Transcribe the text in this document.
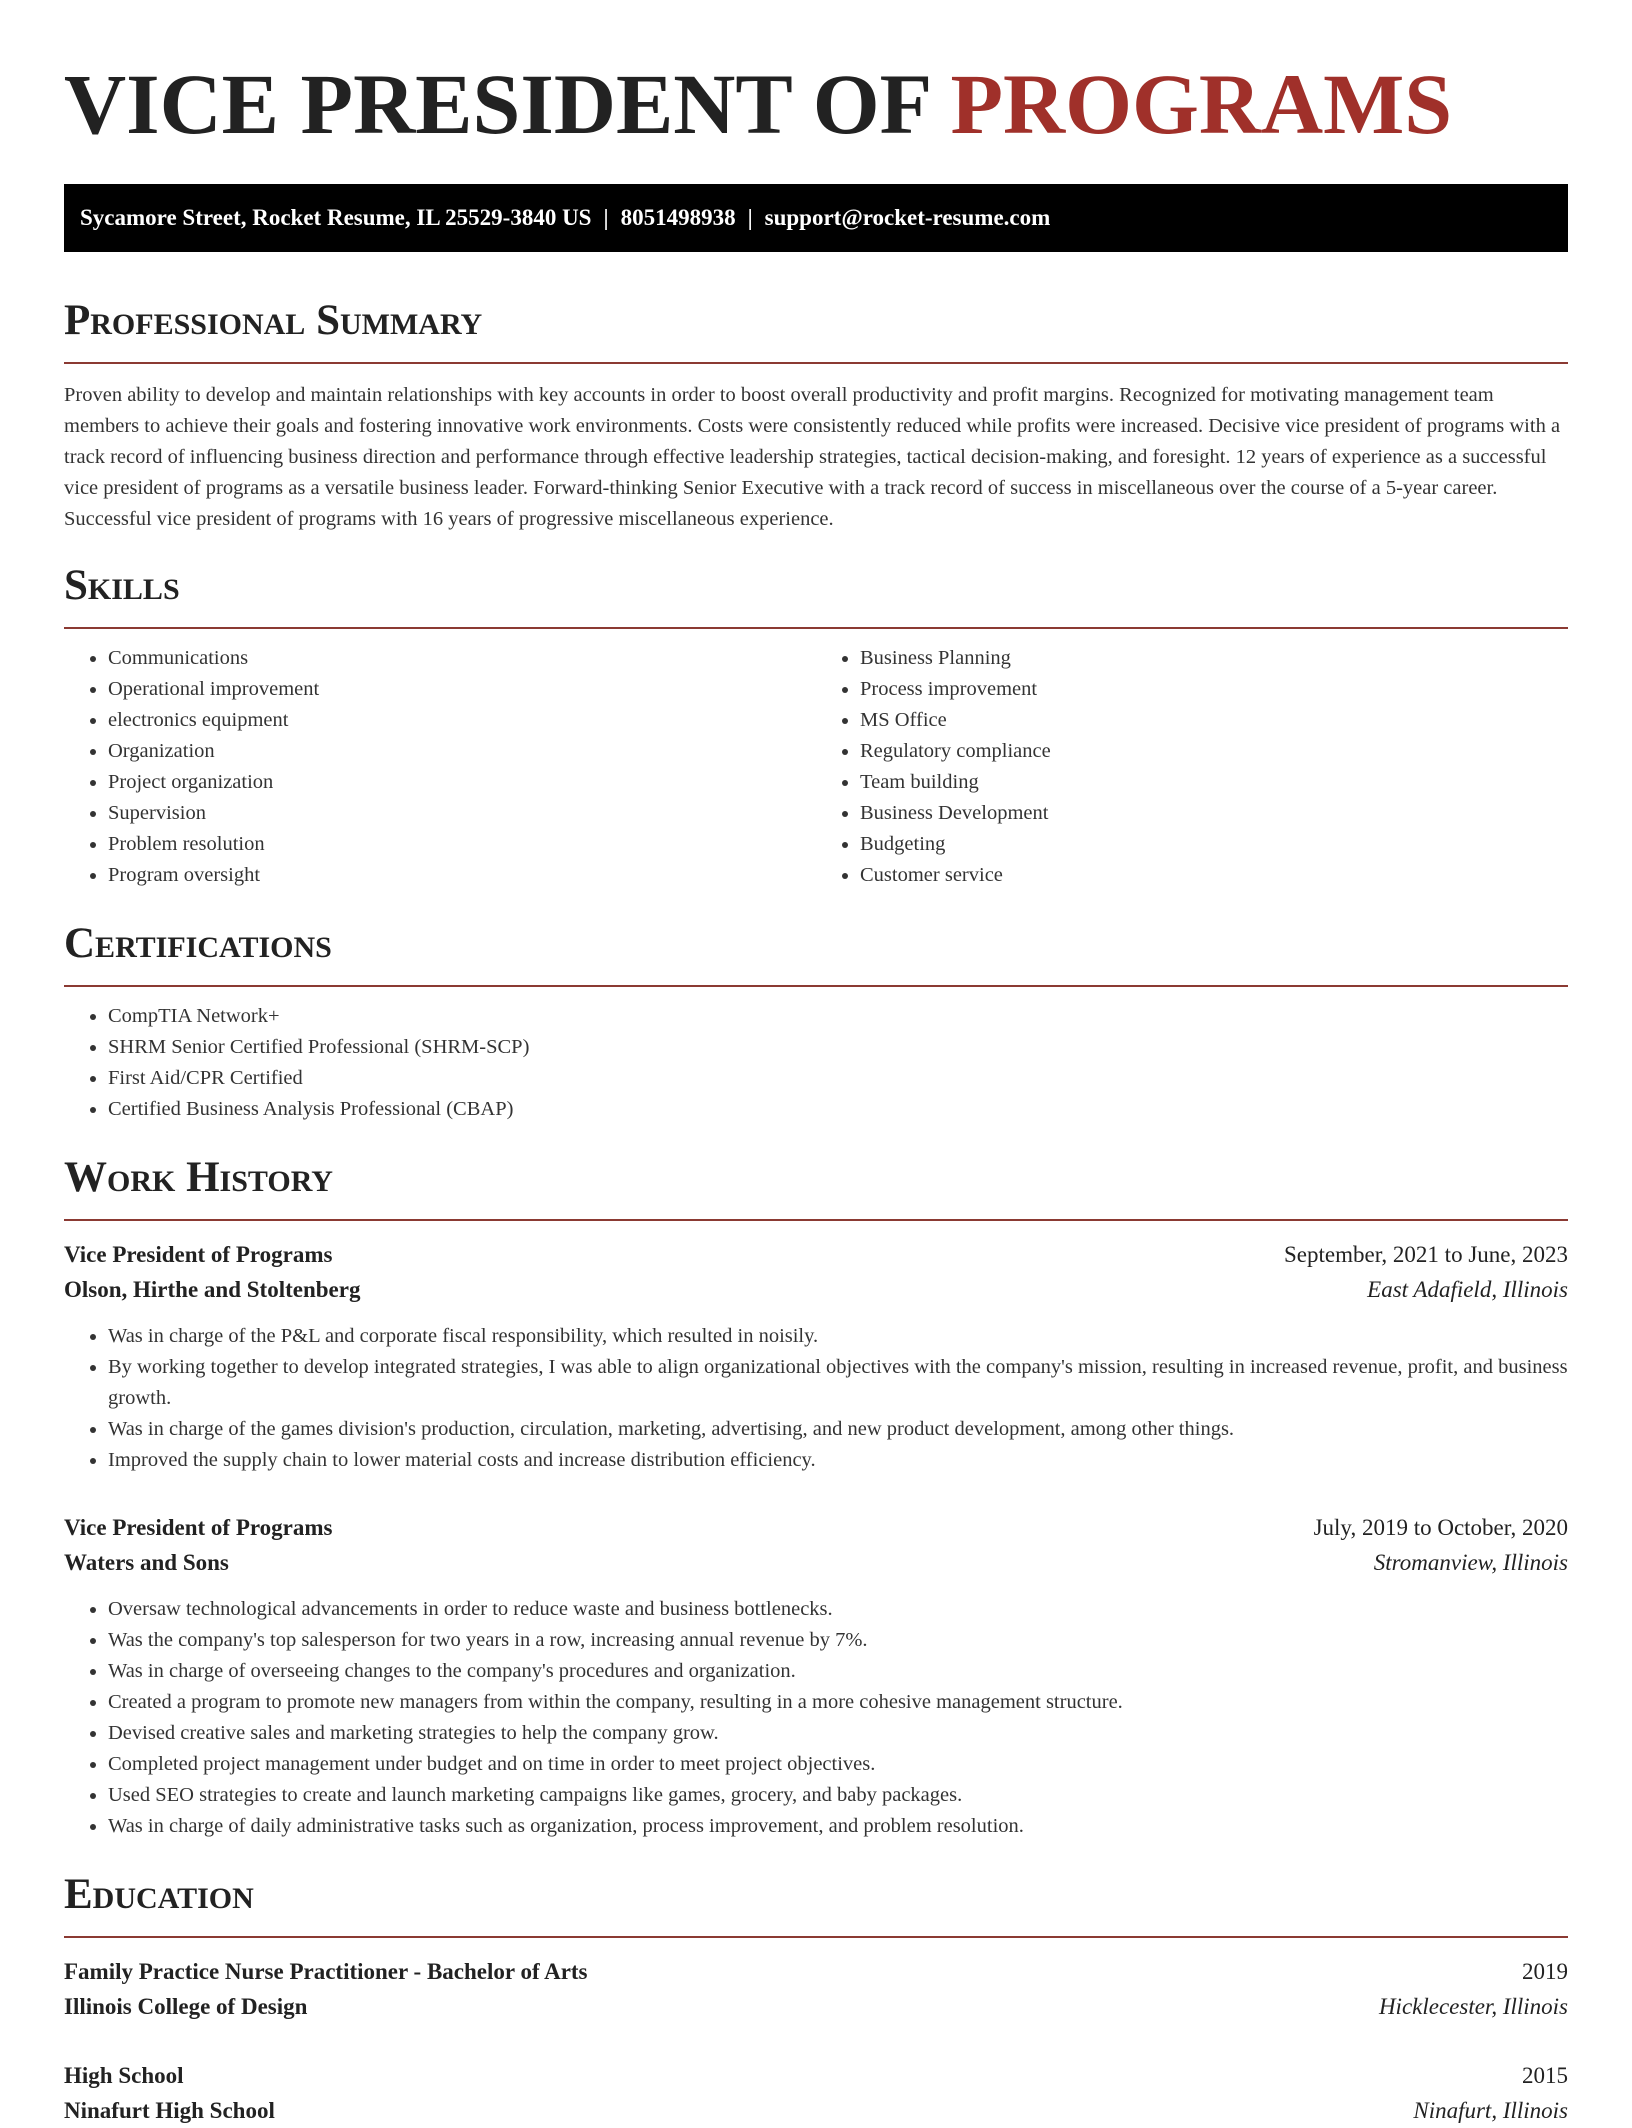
VICE PRESIDENT OF PROGRAMS
Sycamore Street, Rocket Resume, IL 25529-3840 US | 8051498938 | support@rocket-resume.com
Professional Summary

Proven ability to develop and maintain relationships with key accounts in order to boost overall productivity and profit margins. Recognized for motivating management team members to achieve their goals and fostering innovative work environments. Costs were consistently reduced while profits were increased. Decisive vice president of programs with a track record of influencing business direction and performance through effective leadership strategies, tactical decision-making, and foresight. 12 years of experience as a successful vice president of programs as a versatile business leader. Forward-thinking Senior Executive with a track record of success in miscellaneous over the course of a 5-year career. Successful vice president of programs with 16 years of progressive miscellaneous experience.

Skills
• Communications
• Operational improvement
• electronics equipment
• Organization
• Project organization
• Supervision
• Problem resolution
• Program oversight
• Business Planning
• Process improvement
• MS Office
• Regulatory compliance
• Team building
• Business Development
• Budgeting
• Customer service
Certifications
• CompTIA Network+
• SHRM Senior Certified Professional (SHRM-SCP)
• First Aid/CPR Certified
• Certified Business Analysis Professional (CBAP)
Work History
Vice President of Programs	September, 2021 to June, 2023
Olson, Hirthe and Stoltenberg	East Adafield, Illinois
• Was in charge of the P&L and corporate fiscal responsibility, which resulted in noisily.
• By working together to develop integrated strategies, I was able to align organizational objectives with the company's mission, resulting in increased revenue, profit, and business growth.
• Was in charge of the games division's production, circulation, marketing, advertising, and new product development, among other things.
• Improved the supply chain to lower material costs and increase distribution efficiency.
Vice President of Programs	July, 2019 to October, 2020
Waters and Sons	Stromanview, Illinois
• Oversaw technological advancements in order to reduce waste and business bottlenecks.
• Was the company's top salesperson for two years in a row, increasing annual revenue by 7%.
• Was in charge of overseeing changes to the company's procedures and organization.
• Created a program to promote new managers from within the company, resulting in a more cohesive management structure.
• Devised creative sales and marketing strategies to help the company grow.
• Completed project management under budget and on time in order to meet project objectives.
• Used SEO strategies to create and launch marketing campaigns like games, grocery, and baby packages.
• Was in charge of daily administrative tasks such as organization, process improvement, and problem resolution.
Education
Family Practice Nurse Practitioner - Bachelor of Arts	2019
Illinois College of Design	Hicklecester, Illinois
High School	2015
Ninafurt High School	Ninafurt, Illinois
